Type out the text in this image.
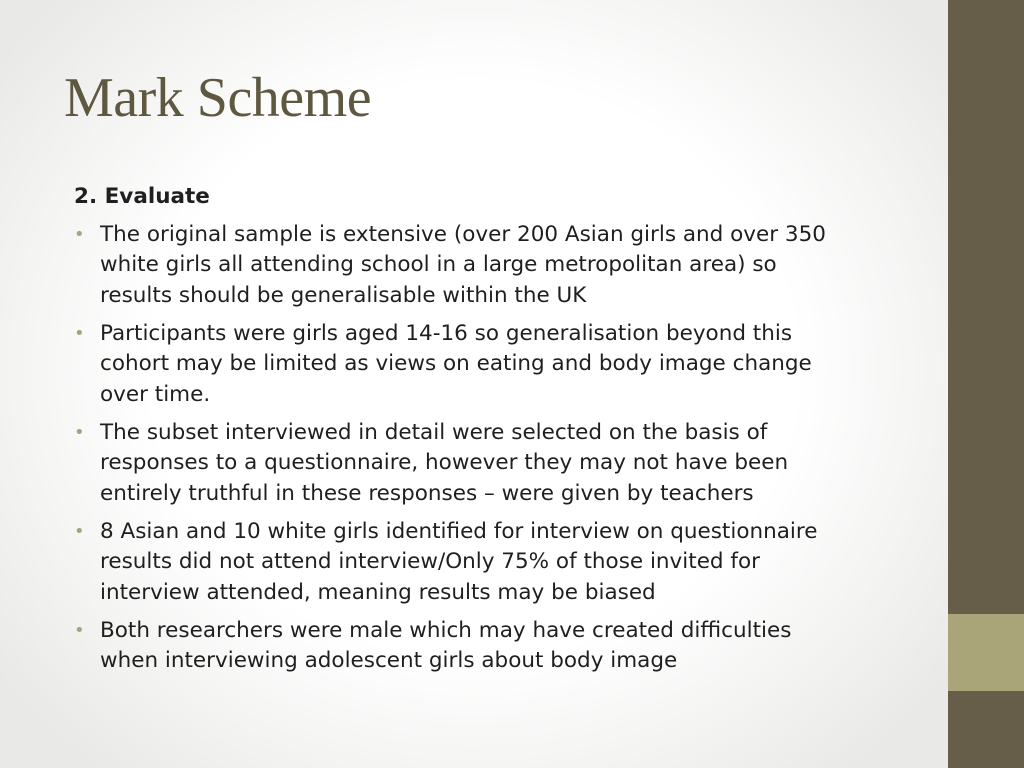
Mark Scheme
2. Evaluate
• The original sample is extensive (over 200 Asian girls and over 350
white girls all attending school in a large metropolitan area) so
results should be generalisable within the UK
• Participants were girls aged 14-16 so generalisation beyond this
cohort may be limited as views on eating and body image change
over time.
• The subset interviewed in detail were selected on the basis of
responses to a questionnaire, however they may not have been
entirely truthful in these responses – were given by teachers
• 8 Asian and 10 white girls identified for interview on questionnaire
results did not attend interview/Only 75% of those invited for
interview attended, meaning results may be biased
• Both researchers were male which may have created difficulties
when interviewing adolescent girls about body image
